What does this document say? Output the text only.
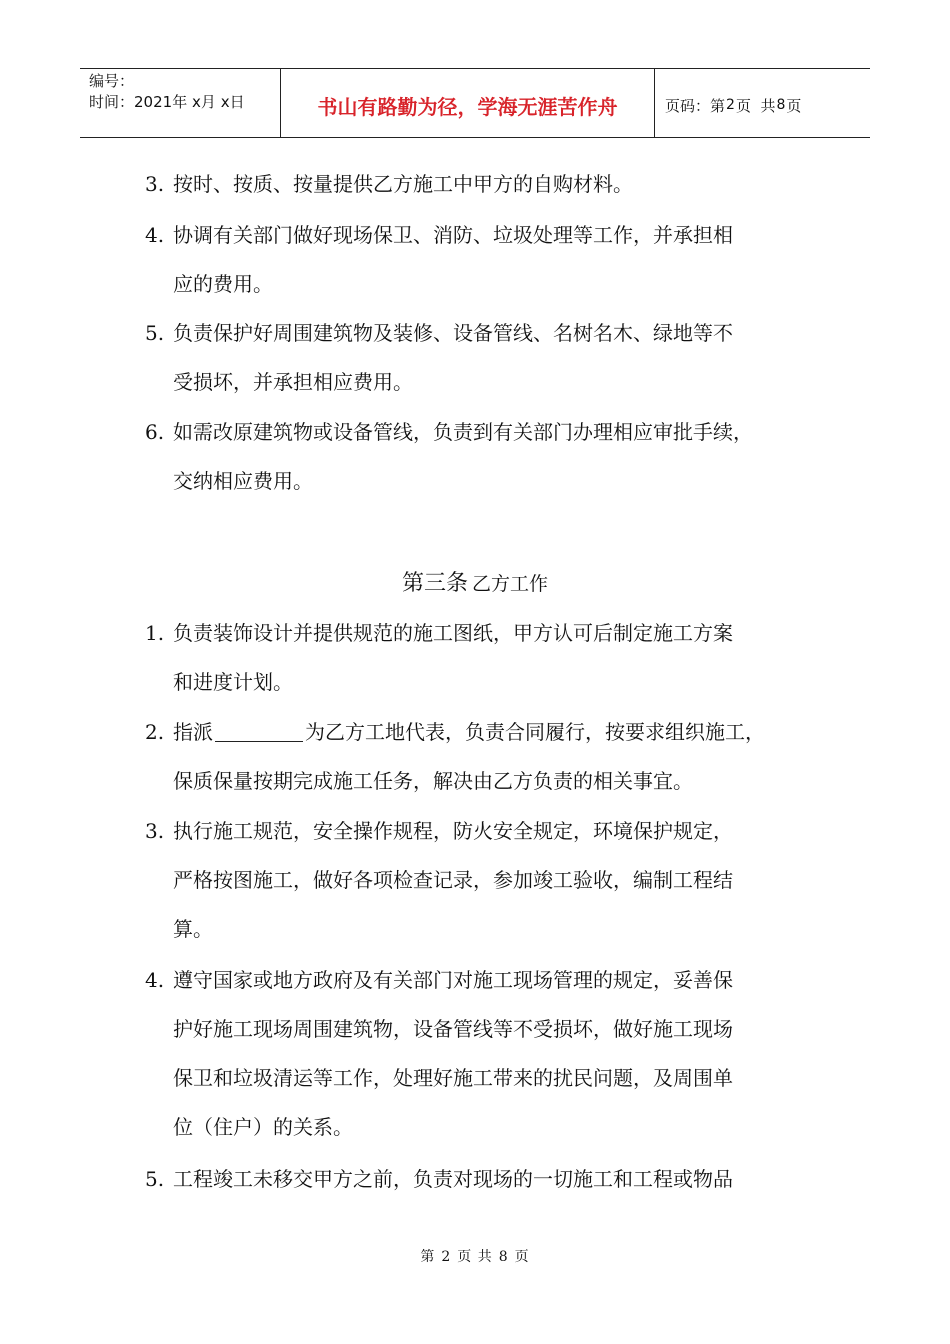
编号：
时间：2021年 x月 x日	书山有路勤为径，学海无涯苦作舟	页码：第 2 页  共 8 页
3. 按时、按质、按量提供乙方施工中甲方的自购材料。
4. 协调有关部门做好现场保卫、消防、垃圾处理等工作，并承担相
应的费用。
5. 负责保护好周围建筑物及装修、设备管线、名树名木、绿地等不
受损坏，并承担相应费用。
6. 如需改原建筑物或设备管线，负责到有关部门办理相应审批手续，
交纳相应费用。
第三条 乙方工作
1. 负责装饰设计并提供规范的施工图纸，甲方认可后制定施工方案
和进度计划。
2. 指派	为乙方工地代表，负责合同履行，按要求组织施工，
保质保量按期完成施工任务，解决由乙方负责的相关事宜。
3. 执行施工规范，安全操作规程，防火安全规定，环境保护规定，
严格按图施工，做好各项检查记录，参加竣工验收，编制工程结
算。
4. 遵守国家或地方政府及有关部门对施工现场管理的规定，妥善保
护好施工现场周围建筑物，设备管线等不受损坏，做好施工现场
保卫和垃圾清运等工作，处理好施工带来的扰民问题，及周围单
位（住户）的关系。
5. 工程竣工未移交甲方之前，负责对现场的一切施工和工程或物品
第 2 页 共 8 页
